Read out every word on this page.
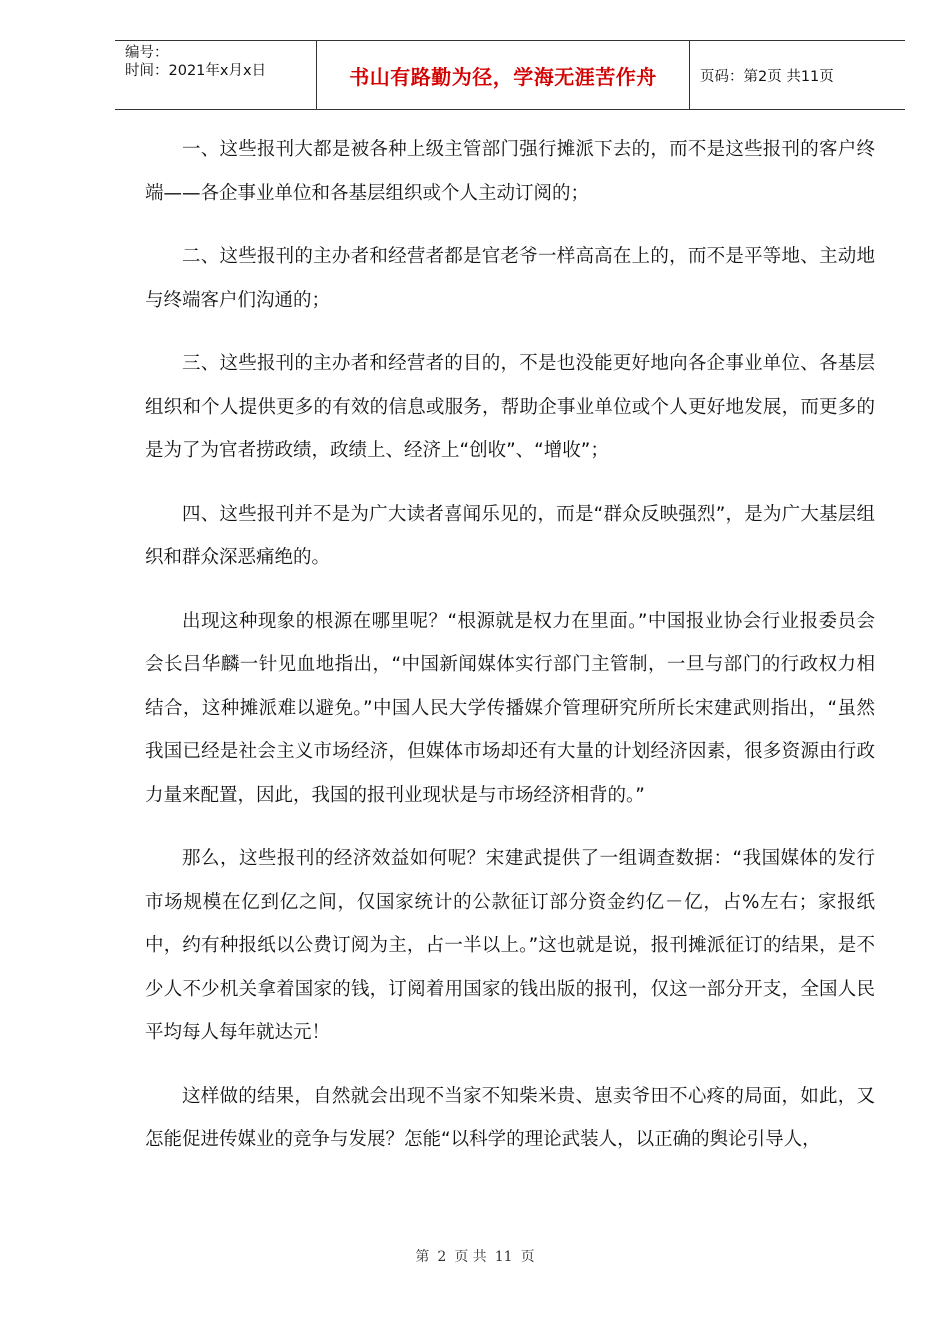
编号：
时间：2021年x月x日	书山有路勤为径，学海无涯苦作舟	页码：第2页 共11页

一、这些报刊大都是被各种上级主管部门强行摊派下去的，而不是这些报刊的客户终端——各企事业单位和各基层组织或个人主动订阅的；

二、这些报刊的主办者和经营者都是官老爷一样高高在上的，而不是平等地、主动地与终端客户们沟通的；

三、这些报刊的主办者和经营者的目的，不是也没能更好地向各企事业单位、各基层组织和个人提供更多的有效的信息或服务，帮助企事业单位或个人更好地发展，而更多的是为了为官者捞政绩，政绩上、经济上“创收”、“增收”；

四、这些报刊并不是为广大读者喜闻乐见的，而是“群众反映强烈”，是为广大基层组织和群众深恶痛绝的。

出现这种现象的根源在哪里呢？“根源就是权力在里面。”中国报业协会行业报委员会会长吕华麟一针见血地指出，“中国新闻媒体实行部门主管制，一旦与部门的行政权力相结合，这种摊派难以避免。”中国人民大学传播媒介管理研究所所长宋建武则指出，“虽然我国已经是社会主义市场经济，但媒体市场却还有大量的计划经济因素，很多资源由行政力量来配置，因此，我国的报刊业现状是与市场经济相背的。”

那么，这些报刊的经济效益如何呢？宋建武提供了一组调查数据：“我国媒体的发行市场规模在亿到亿之间，仅国家统计的公款征订部分资金约亿－亿，占%左右；家报纸中，约有种报纸以公费订阅为主，占一半以上。”这也就是说，报刊摊派征订的结果，是不少人不少机关拿着国家的钱，订阅着用国家的钱出版的报刊，仅这一部分开支，全国人民平均每人每年就达元！

这样做的结果，自然就会出现不当家不知柴米贵、崽卖爷田不心疼的局面，如此，又怎能促进传媒业的竞争与发展？怎能“以科学的理论武装人，以正确的舆论引导人，

第 2 页 共 11 页
